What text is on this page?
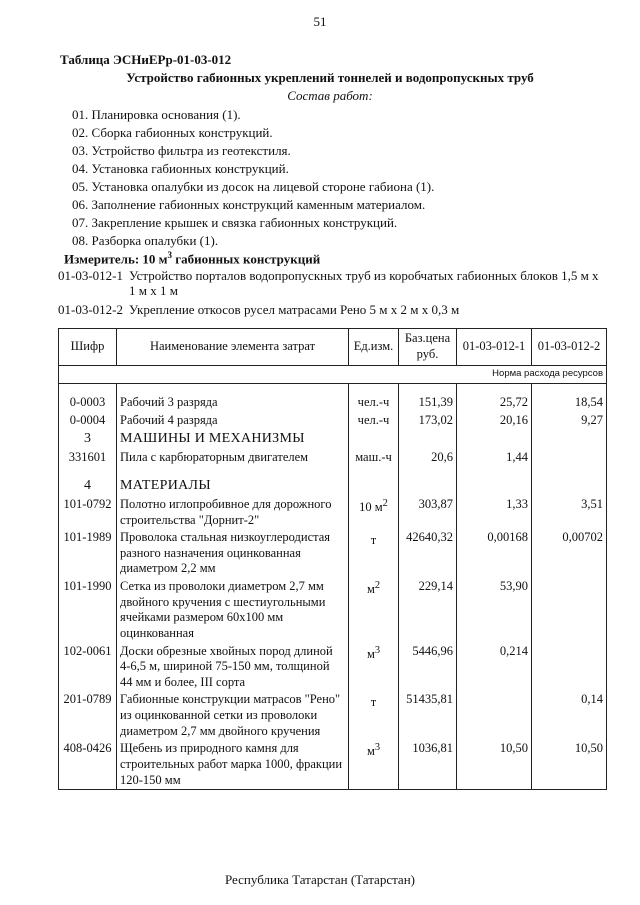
51
Таблица ЭСНиЕРр-01-03-012
Устройство габионных укреплений тоннелей и водопропускных труб
Состав работ:
01. Планировка основания (1).
02. Сборка габионных конструкций.
03. Устройство фильтра из геотекстиля.
04. Установка габионных конструкций.
05. Установка опалубки из досок на лицевой стороне габиона (1).
06. Заполнение габионных конструкций каменным материалом.
07. Закрепление крышек и связка габионных конструкций.
08. Разборка опалубки (1).
Измеритель: 10 $м^3$ габионных конструкций
01-03-012-1 Устройство порталов водопропускных труб из коробчатых габионных блоков 1,5 м х 1 м х 1 м
01-03-012-2 Укрепление откосов русел матрасами Рено 5 м х 2 м х 0,3 м
Шифр	Наименование элемента затрат	Ед.изм.	Баз.цена руб.	01-03-012-1	01-03-012-2
Норма расхода ресурсов					

0-0003	Рабочий 3 разряда	чел.-ч	151,39	25,72	18,54
0-0004	Рабочий 4 разряда	чел.-ч	173,02	20,16	9,27
3	МАШИНЫ И МЕХАНИЗМЫ				
331601	Пила с карбюраторным двигателем	маш.-ч	20,6	1,44	

4	МАТЕРИАЛЫ				
101-0792	Полотно иглопробивное для дорожного строительства "Дорнит-2"	10 $м^2$	303,87	1,33	3,51
101-1989	Проволока стальная низкоуглеродистая разного назначения оцинкованная диаметром 2,2 мм	т	42640,32	0,00168	0,00702
101-1990	Сетка из проволоки диаметром 2,7 мм двойного кручения с шестиугольными ячейками размером 60х100 мм оцинкованная	$м^2$	229,14	53,90	
102-0061	Доски обрезные хвойных пород длиной 4-6,5 м, шириной 75-150 мм, толщиной 44 мм и более, III сорта	$м^3$	5446,96	0,214	
201-0789	Габионные конструкции матрасов "Рено" из оцинкованной сетки из проволоки диаметром 2,7 мм двойного кручения	т	51435,81		0,14
408-0426	Щебень из природного камня для строительных работ марка 1000, фракции 120-150 мм	$м^3$	1036,81	10,50	10,50
Республика Татарстан (Татарстан)
